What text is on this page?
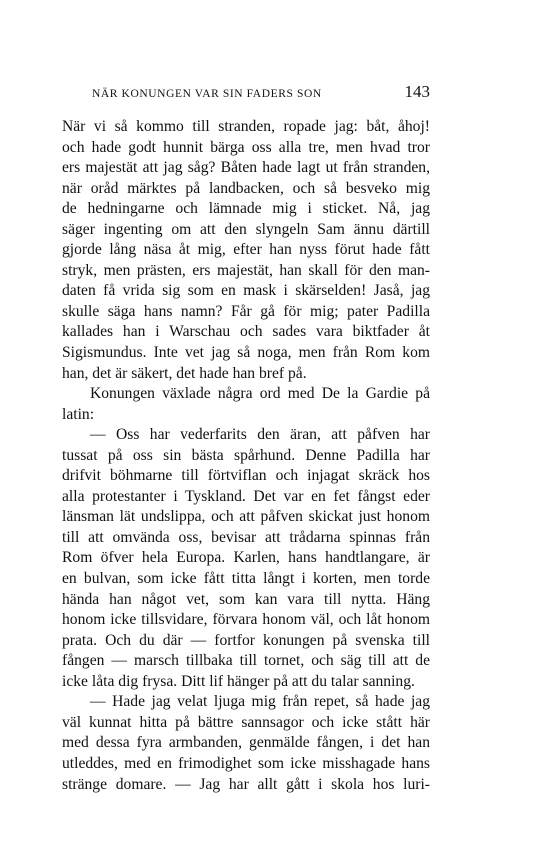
NÄR KONUNGEN VAR SIN FADERS SON	143
När vi så kommo till stranden, ropade jag: båt, åhoj!
och hade godt hunnit bärga oss alla tre, men hvad tror
ers majestät att jag såg? Båten hade lagt ut från stranden,
när oråd märktes på landbacken, och så besveko mig
de hedningarne och lämnade mig i sticket. Nå, jag
säger ingenting om att den slyngeln Sam ännu därtill
gjorde lång näsa åt mig, efter han nyss förut hade fått
stryk, men prästen, ers majestät, han skall för den man-
daten få vrida sig som en mask i skärselden! Jaså, jag
skulle säga hans namn? Får gå för mig; pater Padilla
kallades han i Warschau och sades vara biktfader åt
Sigismundus. Inte vet jag så noga, men från Rom kom
han, det är säkert, det hade han bref på.
Konungen växlade några ord med De la Gardie på
latin:
— Oss har vederfarits den äran, att påfven har
tussat på oss sin bästa spårhund. Denne Padilla har
drifvit böhmarne till förtviflan och injagat skräck hos
alla protestanter i Tyskland. Det var en fet fångst eder
länsman lät undslippa, och att påfven skickat just honom
till att omvända oss, bevisar att trådarna spinnas från
Rom öfver hela Europa. Karlen, hans handtlangare, är
en bulvan, som icke fått titta långt i korten, men torde
hända han något vet, som kan vara till nytta. Häng
honom icke tillsvidare, förvara honom väl, och låt honom
prata. Och du där — fortfor konungen på svenska till
fången — marsch tillbaka till tornet, och säg till att de
icke låta dig frysa. Ditt lif hänger på att du talar sanning.
— Hade jag velat ljuga mig från repet, så hade jag
väl kunnat hitta på bättre sannsagor och icke stått här
med dessa fyra armbanden, genmälde fången, i det han
utleddes, med en frimodighet som icke misshagade hans
stränge domare. — Jag har allt gått i skola hos luri-
